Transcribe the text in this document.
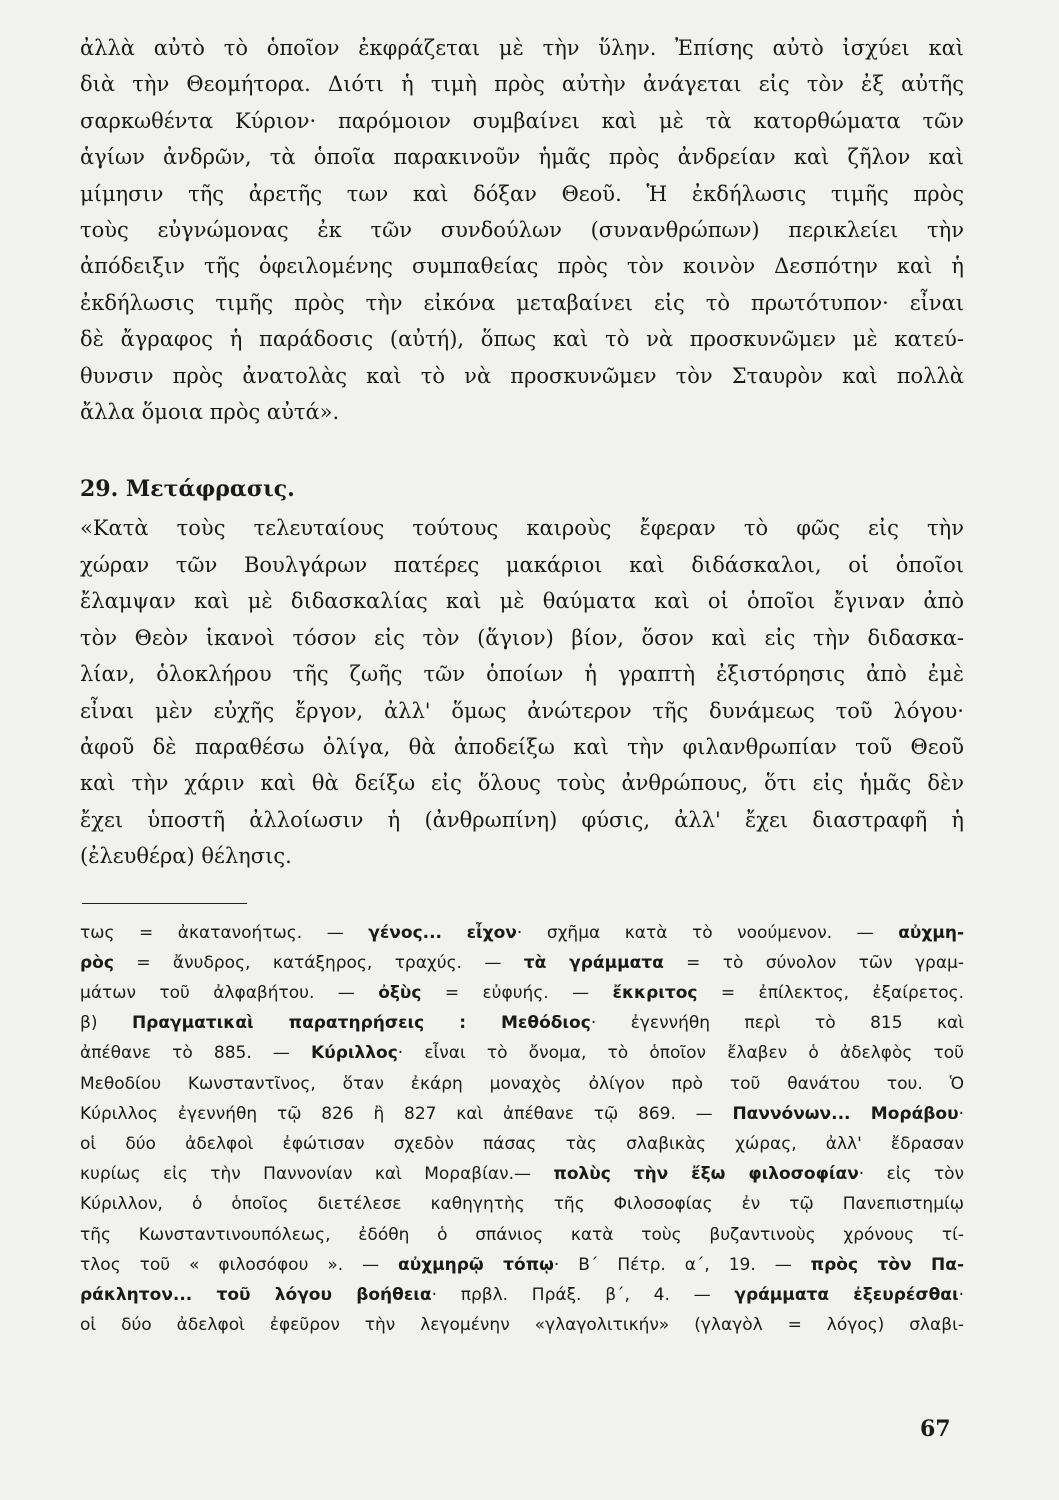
ἀλλὰ αὐτὸ τὸ ὁποῖον ἐκφράζεται μὲ τὴν ὕλην. Ἐπίσης αὐτὸ ἰσχύει καὶ
διὰ τὴν Θεομήτορα. Διότι ἡ τιμὴ πρὸς αὐτὴν ἀνάγεται εἰς τὸν ἐξ αὐτῆς
σαρκωθέντα Κύριον· παρόμοιον συμβαίνει καὶ μὲ τὰ κατορθώματα τῶν
ἁγίων ἀνδρῶν, τὰ ὁποῖα παρακινοῦν ἡμᾶς πρὸς ἀνδρείαν καὶ ζῆλον καὶ
μίμησιν τῆς ἀρετῆς των καὶ δόξαν Θεοῦ. Ἡ ἐκδήλωσις τιμῆς πρὸς
τοὺς εὐγνώμονας ἐκ τῶν συνδούλων (συνανθρώπων) περικλείει τὴν
ἀπόδειξιν τῆς ὀφειλομένης συμπαθείας πρὸς τὸν κοινὸν Δεσπότην καὶ ἡ
ἐκδήλωσις τιμῆς πρὸς τὴν εἰκόνα μεταβαίνει εἰς τὸ πρωτότυπον· εἶναι
δὲ ἄγραφος ἡ παράδοσις (αὐτή), ὅπως καὶ τὸ νὰ προσκυνῶμεν μὲ κατεύ-
θυνσιν πρὸς ἀνατολὰς καὶ τὸ νὰ προσκυνῶμεν τὸν Σταυρὸν καὶ πολλὰ
ἄλλα ὅμοια πρὸς αὐτά».
29. Μετάφρασις.
«Κατὰ τοὺς τελευταίους τούτους καιροὺς ἔφεραν τὸ φῶς εἰς τὴν
χώραν τῶν Βουλγάρων πατέρες μακάριοι καὶ διδάσκαλοι, οἱ ὁποῖοι
ἔλαμψαν καὶ μὲ διδασκαλίας καὶ μὲ θαύματα καὶ οἱ ὁποῖοι ἔγιναν ἀπὸ
τὸν Θεὸν ἱκανοὶ τόσον εἰς τὸν (ἅγιον) βίον, ὅσον καὶ εἰς τὴν διδασκα-
λίαν, ὁλοκλήρου τῆς ζωῆς τῶν ὁποίων ἡ γραπτὴ ἐξιστόρησις ἀπὸ ἐμὲ
εἶναι μὲν εὐχῆς ἔργον, ἀλλ' ὅμως ἀνώτερον τῆς δυνάμεως τοῦ λόγου·
ἀφοῦ δὲ παραθέσω ὀλίγα, θὰ ἀποδείξω καὶ τὴν φιλανθρωπίαν τοῦ Θεοῦ
καὶ τὴν χάριν καὶ θὰ δείξω εἰς ὅλους τοὺς ἀνθρώπους, ὅτι εἰς ἡμᾶς δὲν
ἔχει ὑποστῆ ἀλλοίωσιν ἡ (ἀνθρωπίνη) φύσις, ἀλλ' ἔχει διαστραφῆ ἡ
(ἐλευθέρα) θέλησις.
τως = ἀκατανοήτως. — γένος... εἶχον· σχῆμα κατὰ τὸ νοούμενον. — αὐχμη-
ρὸς = ἄνυδρος, κατάξηρος, τραχύς. — τὰ γράμματα = τὸ σύνολον τῶν γραμ-
μάτων τοῦ ἀλφαβήτου. — ὀξὺς = εὐφυής. — ἔκκριτος = ἐπίλεκτος, ἐξαίρετος.
β) Πραγματικαὶ παρατηρήσεις : Μεθόδιος· ἐγεννήθη περὶ τὸ 815 καὶ
ἀπέθανε τὸ 885. — Κύριλλος· εἶναι τὸ ὄνομα, τὸ ὁποῖον ἔλαβεν ὁ ἀδελφὸς τοῦ
Μεθοδίου Κωνσταντῖνος, ὅταν ἐκάρη μοναχὸς ὀλίγον πρὸ τοῦ θανάτου του. Ὁ
Κύριλλος ἐγεννήθη τῷ 826 ἢ 827 καὶ ἀπέθανε τῷ 869. — Παννόνων... Μοράβου·
οἱ δύο ἀδελφοὶ ἐφώτισαν σχεδὸν πάσας τὰς σλαβικὰς χώρας, ἀλλ' ἔδρασαν
κυρίως εἰς τὴν Παννονίαν καὶ Μοραβίαν.— πολὺς τὴν ἔξω φιλοσοφίαν· εἰς τὸν
Κύριλλον, ὁ ὁποῖος διετέλεσε καθηγητὴς τῆς Φιλοσοφίας ἐν τῷ Πανεπιστημίῳ
τῆς Κωνσταντινουπόλεως, ἐδόθη ὁ σπάνιος κατὰ τοὺς βυζαντινοὺς χρόνους τί-
τλος τοῦ « φιλοσόφου ». — αὐχμηρῷ τόπῳ· Β΄ Πέτρ. α΄, 19. — πρὸς τὸν Πα-
ράκλητον... τοῦ λόγου βοήθεια· πρβλ. Πράξ. β΄, 4. — γράμματα ἐξευρέσθαι·
οἱ δύο ἀδελφοὶ ἐφεῦρον τὴν λεγομένην «γλαγολιτικήν» (γλαγὸλ = λόγος) σλαβι-
67
